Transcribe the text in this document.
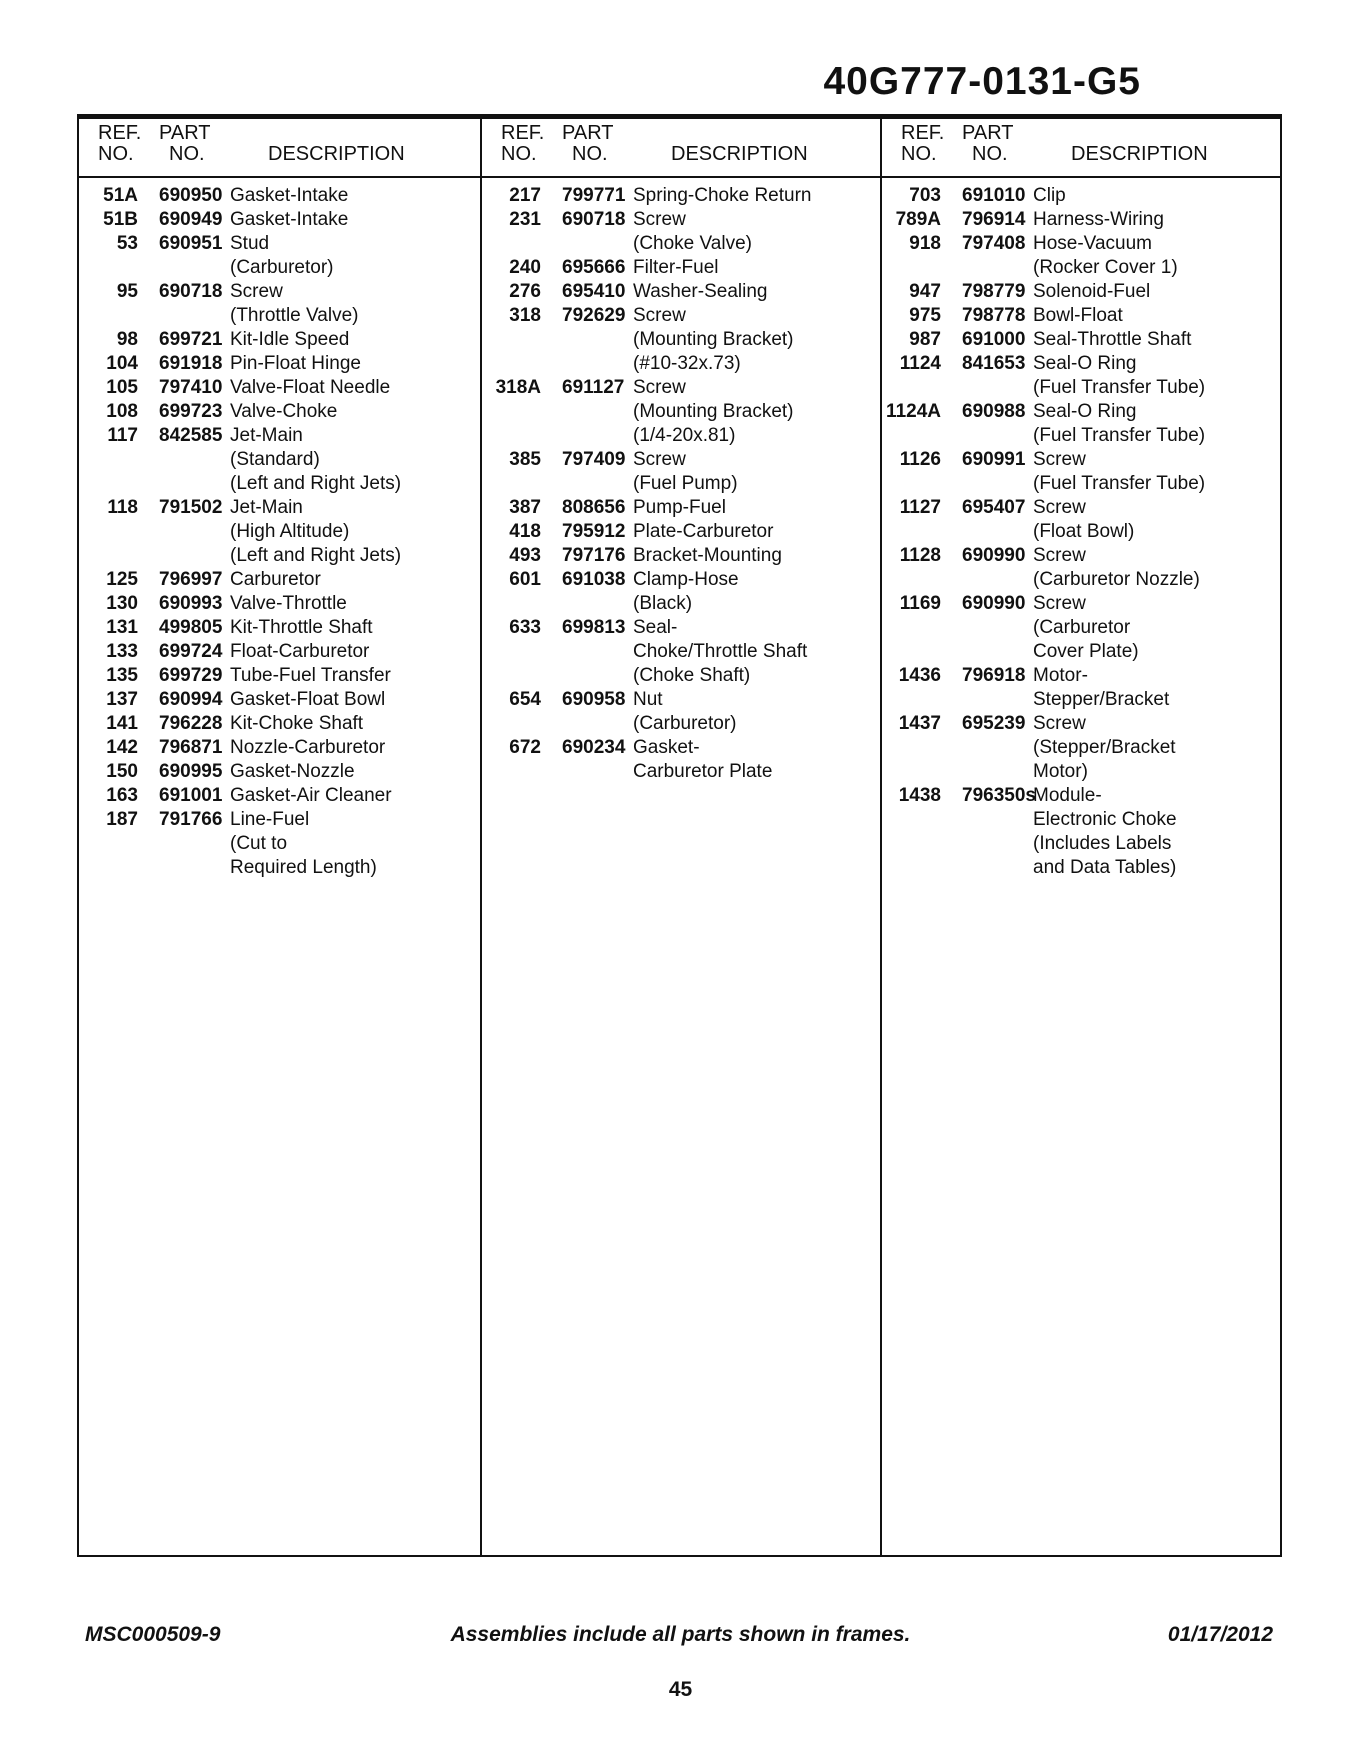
40G777-0131-G5
REF.
NO.
PART
NO.	DESCRIPTION
51A 690950 Gasket-Intake
51B 690949 Gasket-Intake
53 690951 Stud
(Carburetor)
95 690718 Screw
(Throttle Valve)
98 699721 Kit-Idle Speed
104 691918 Pin-Float Hinge
105 797410 Valve-Float Needle
108 699723 Valve-Choke
117 842585 Jet-Main
(Standard)
(Left and Right Jets)
118 791502 Jet-Main
(High Altitude)
(Left and Right Jets)
125 796997 Carburetor
130 690993 Valve-Throttle
131 499805 Kit-Throttle Shaft
133 699724 Float-Carburetor
135 699729 Tube-Fuel Transfer
137 690994 Gasket-Float Bowl
141 796228 Kit-Choke Shaft
142 796871 Nozzle-Carburetor
150 690995 Gasket-Nozzle
163 691001 Gasket-Air Cleaner
187 791766 Line-Fuel
(Cut to
Required Length)
REF.
NO.
PART
NO.	DESCRIPTION
217 799771 Spring-Choke Return
231 690718 Screw
(Choke Valve)
240 695666 Filter-Fuel
276 695410 Washer-Sealing
318 792629 Screw
(Mounting Bracket)
(#10-32x.73)
318A 691127 Screw
(Mounting Bracket)
(1/4-20x.81)
385 797409 Screw
(Fuel Pump)
387 808656 Pump-Fuel
418 795912 Plate-Carburetor
493 797176 Bracket-Mounting
601 691038 Clamp-Hose
(Black)
633 699813 Seal-
Choke/Throttle Shaft
(Choke Shaft)
654 690958 Nut
(Carburetor)
672 690234 Gasket-
Carburetor Plate
REF.
NO.
PART
NO.	DESCRIPTION
703 691010 Clip
789A 796914 Harness-Wiring
918 797408 Hose-Vacuum
(Rocker Cover 1)
947 798779 Solenoid-Fuel
975 798778 Bowl-Float
987 691000 Seal-Throttle Shaft
1124 841653 Seal-O Ring
(Fuel Transfer Tube)
1124A 690988 Seal-O Ring
(Fuel Transfer Tube)
1126 690991 Screw
(Fuel Transfer Tube)
1127 695407 Screw
(Float Bowl)
1128 690990 Screw
(Carburetor Nozzle)
1169 690990 Screw
(Carburetor
Cover Plate)
1436 796918 Motor-
Stepper/Bracket
1437 695239 Screw
(Stepper/Bracket
Motor)
1438 796350s
Module-
Electronic Choke
(Includes Labels
and Data Tables)
MSC000509-9	Assemblies include all parts shown in frames.	01/17/2012
45
